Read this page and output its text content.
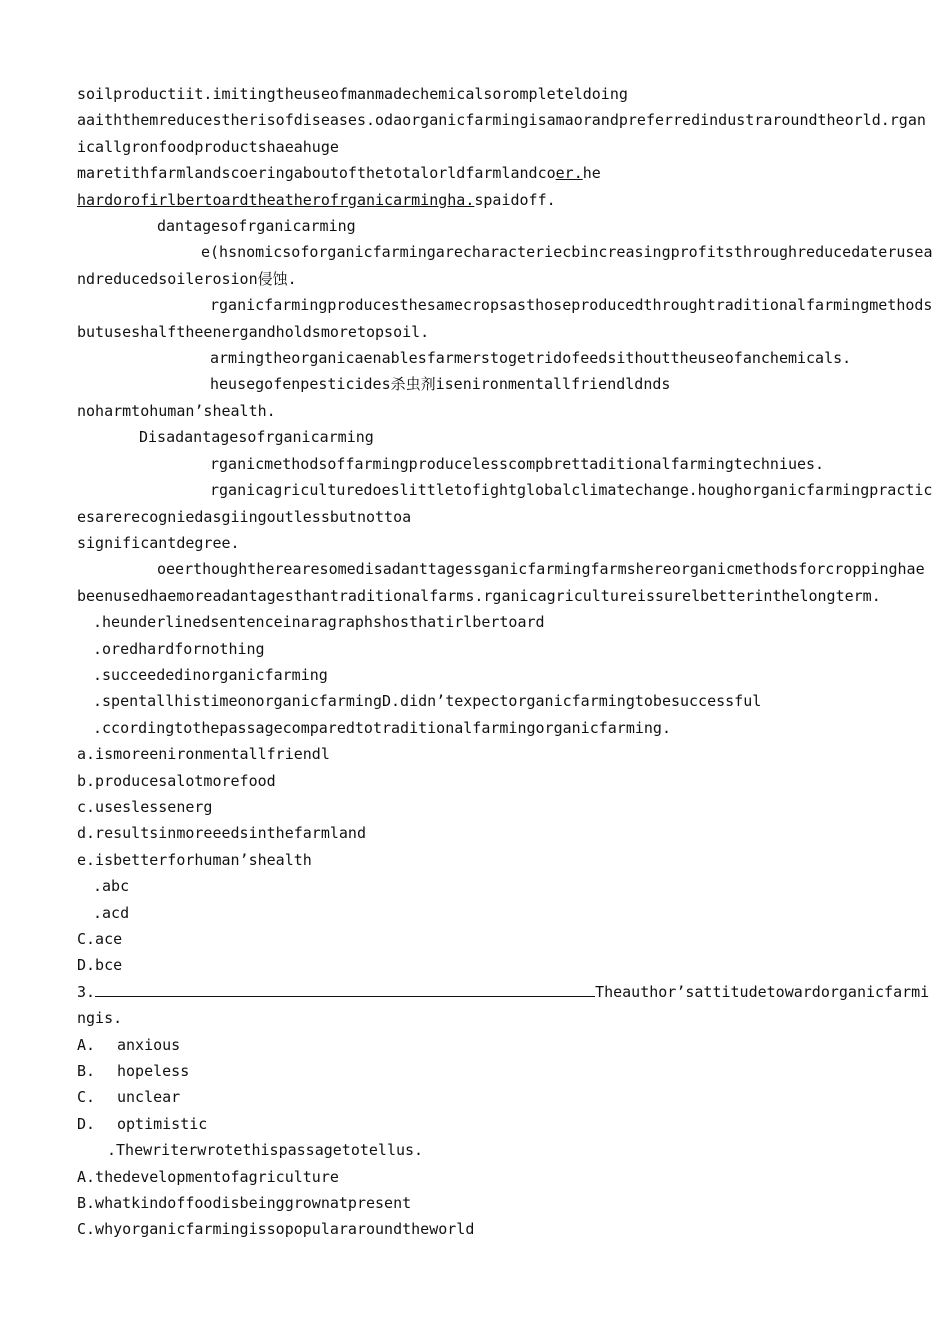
soilproductiit.imitingtheuseofmanmadechemicalsorompleteldoing
aaiththemreducestherisofdiseases.odaorganicfarmingisamaorandpreferredindustraroundtheorld.rgan
icallgronfoodproductshaeahuge
maretithfarmlandscoeringaboutofthetotalorldfarmlandcoer.he
hardorofirlbertoardtheatherofrganicarmingha.spaidoff.
dantagesofrganicarming
e(hsnomicsoforganicfarmingarecharacteriecbincreasingprofitsthroughreducedaterusea
ndreducedsoilerosion侵蚀.
rganicfarmingproducesthesamecropsasthoseproducedthroughtraditionalfarmingmethods
butuseshalftheenergandholdsmoretopsoil.
armingtheorganicaenablesfarmerstogetridofeedsithouttheuseofanchemicals.
heusegofenpesticides杀虫剂isenironmentallfriendldnds
noharmtohuman’shealth.
Disadantagesofrganicarming
rganicmethodsoffarmingproducelesscompbrettaditionalfarmingtechniues.
rganicagriculturedoeslittletofightglobalclimatechange.houghorganicfarmingpractic
esarerecogniedasgiingoutlessbutnottoa
significantdegree.
oeerthoughtherearesomedisadanttagessganicfarmingfarmshereorganicmethodsforcroppinghae
beenusedhaemoreadantagesthantraditionalfarms.rganicagricultureissurelbetterinthelongterm.
.heunderlinedsentenceinaragraphshosthatirlbertoard
.oredhardfornothing
.succeededinorganicfarming
.spentallhistimeonorganicfarmingD.didn’texpectorganicfarmingtobesuccessful
.ccordingtothepassagecomparedtotraditionalfarmingorganicfarming.
a.ismoreenironmentallfriendl
b.producesalotmorefood
c.useslessenerg
d.resultsinmoreeedsinthefarmland
e.isbetterforhuman’shealth
.abc
.acd
C.ace
D.bce
3.	Theauthor’sattitudetowardorganicfarmi
ngis.
A. anxious
B. hopeless
C. unclear
D. optimistic
.Thewriterwrotethispassagetotellus.
A.thedevelopmentofagriculture
B.whatkindoffoodisbeinggrownatpresent
C.whyorganicfarmingissopopulararoundtheworld
